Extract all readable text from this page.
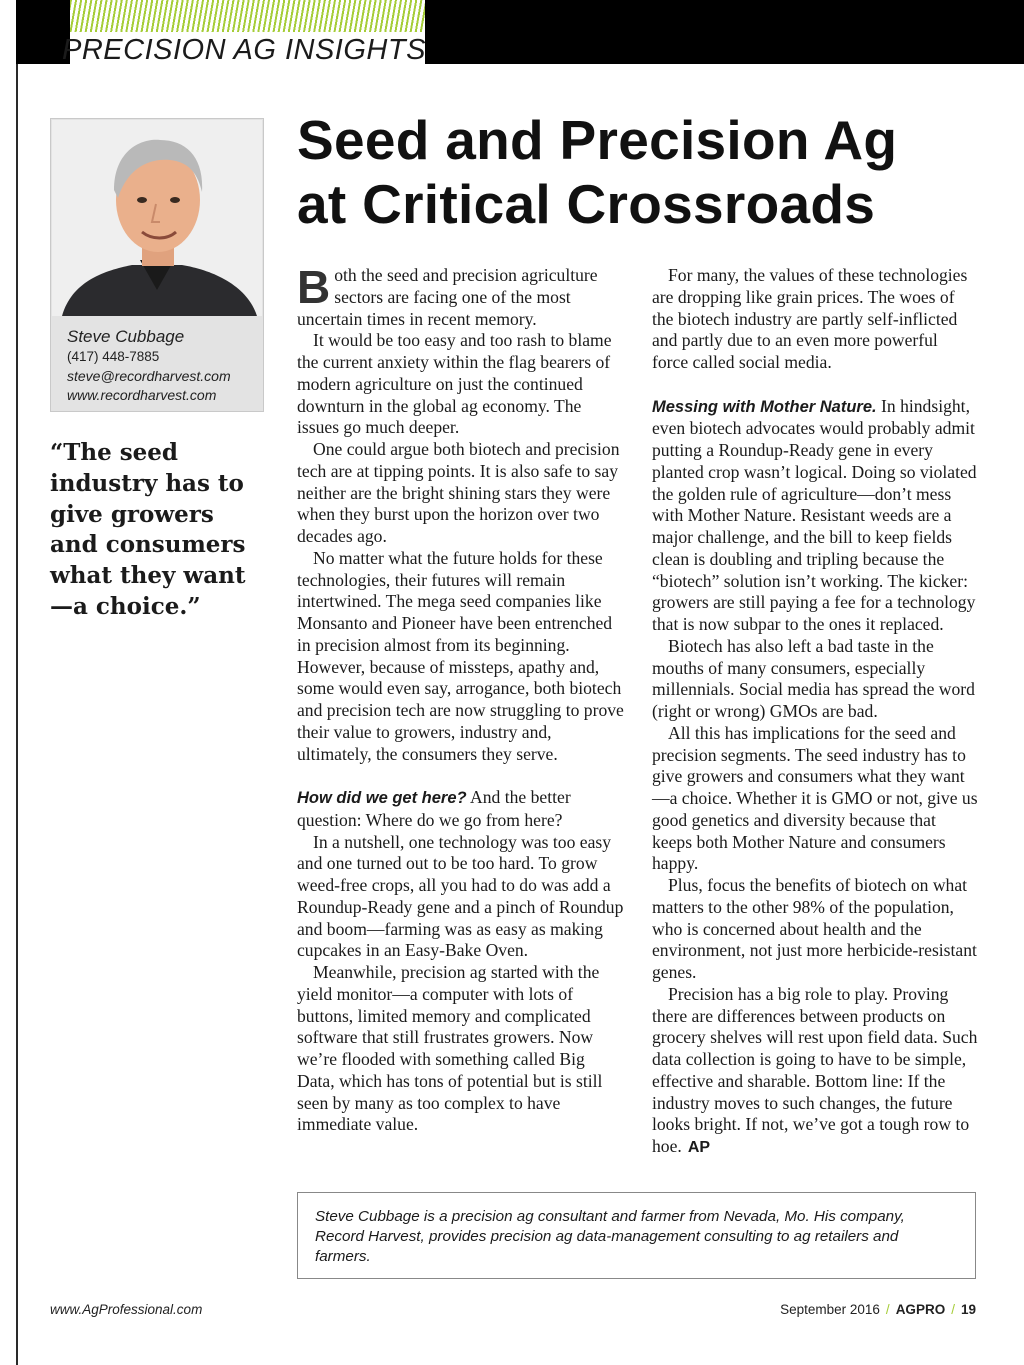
PRECISION AG INSIGHTS
Steve Cubbage
(417) 448-7885
steve@recordharvest.com
www.recordharvest.com
“The seed industry has to give growers and consumers what they want—a choice.”
Seed and Precision Ag
at Critical Crossroads

Both the seed and precision agriculture sectors are facing one of the most uncertain times in recent memory.

It would be too easy and too rash to blame the current anxiety within the flag bearers of modern agriculture on just the continued downturn in the global ag economy. The issues go much deeper.

One could argue both biotech and precision tech are at tipping points. It is also safe to say neither are the bright shining stars they were when they burst upon the horizon over two decades ago.

No matter what the future holds for these technologies, their futures will remain intertwined. The mega seed companies like Monsanto and Pioneer have been entrenched in precision almost from its beginning. However, because of missteps, apathy and, some would even say, arrogance, both biotech and precision tech are now struggling to prove their value to growers, industry and, ultimately, the consumers they serve.

How did we get here? And the better question: Where do we go from here?

In a nutshell, one technology was too easy and one turned out to be too hard. To grow weed-free crops, all you had to do was add a Roundup-Ready gene and a pinch of Roundup and boom—farming was as easy as making cupcakes in an Easy-Bake Oven.

Meanwhile, precision ag started with the yield monitor—a computer with lots of buttons, limited memory and complicated software that still frustrates growers. Now we’re flooded with something called Big Data, which has tons of potential but is still seen by many as too complex to have immediate value.

For many, the values of these technologies are dropping like grain prices. The woes of the biotech industry are partly self-inflicted and partly due to an even more powerful force called social media.

Messing with Mother Nature. In hindsight, even biotech advocates would probably admit putting a Roundup-Ready gene in every planted crop wasn’t logical. Doing so violated the golden rule of agriculture—don’t mess with Mother Nature. Resistant weeds are a major challenge, and the bill to keep fields clean is doubling and tripling because the “biotech” solution isn’t working. The kicker: growers are still paying a fee for a technology that is now subpar to the ones it replaced.

Biotech has also left a bad taste in the mouths of many consumers, especially millennials. Social media has spread the word (right or wrong) GMOs are bad.

All this has implications for the seed and precision segments. The seed industry has to give growers and consumers what they want—a choice. Whether it is GMO or not, give us good genetics and diversity because that keeps both Mother Nature and consumers happy.

Plus, focus the benefits of biotech on what matters to the other 98% of the population, who is concerned about health and the environment, not just more herbicide-resistant genes.

Precision has a big role to play. Proving there are differences between products on grocery shelves will rest upon field data. Such data collection is going to have to be simple, effective and sharable. Bottom line: If the industry moves to such changes, the future looks bright. If not, we’ve got a tough row to hoe. AP

Steve Cubbage is a precision ag consultant and farmer from Nevada, Mo. His company, Record Harvest, provides precision ag data-management consulting to ag retailers and farmers.
www.AgProfessional.com	September 2016 / AGPRO / 19
